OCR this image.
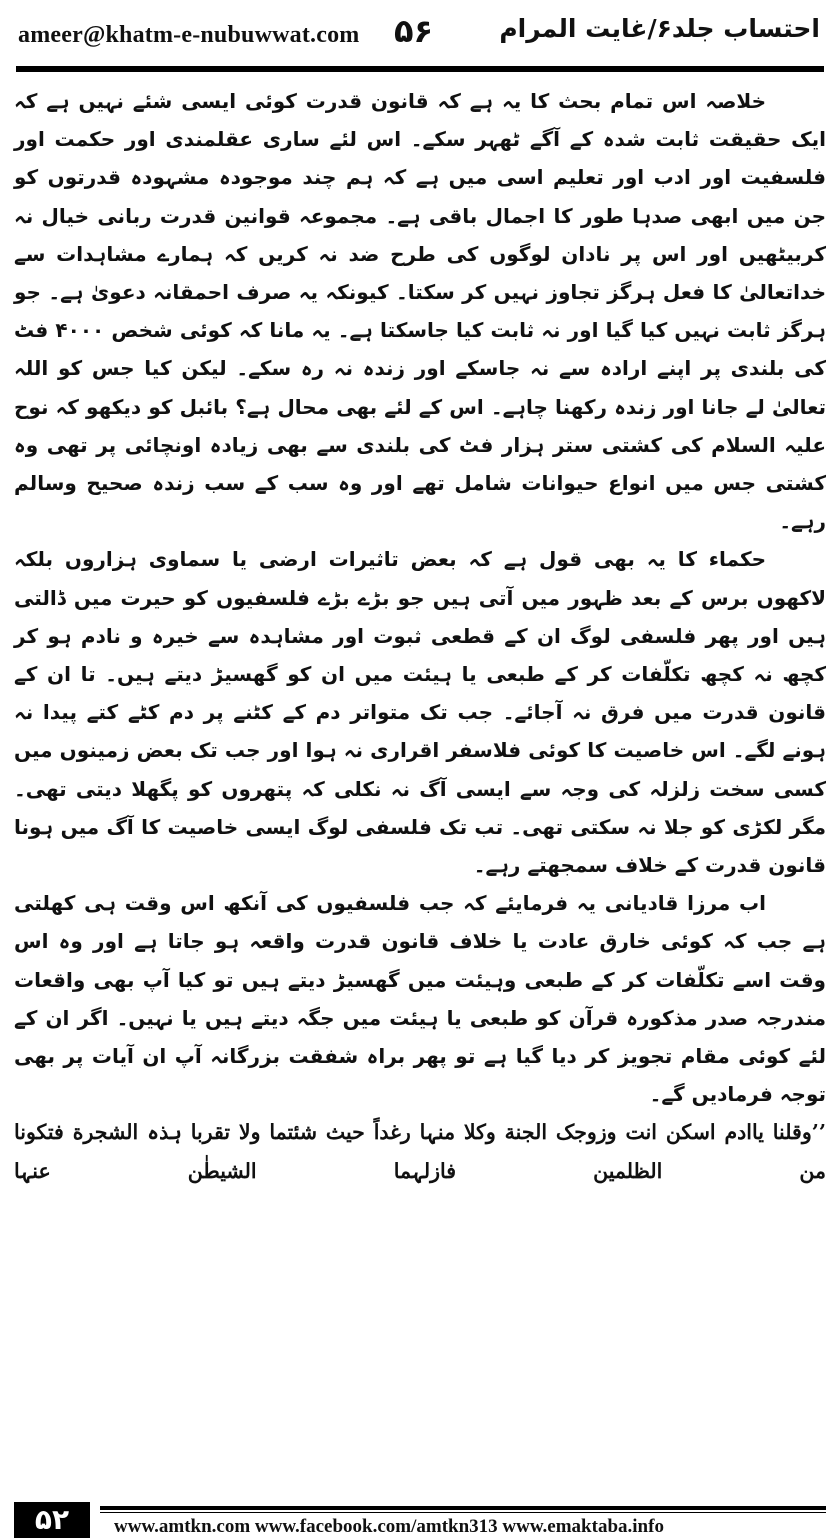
ameer@khatm-e-nubuwwat.com ۵۶	احتساب جلد۶/غایت المرام

خلاصہ اس تمام بحث کا یہ ہے کہ قانون قدرت کوئی ایسی شئے نہیں ہے کہ ایک حقیقت ثابت شدہ کے آگے ٹھہر سکے۔ اس لئے ساری عقلمندی اور حکمت اور فلسفیت اور ادب اور تعلیم اسی میں ہے کہ ہم چند موجودہ مشہودہ قدرتوں کو جن میں ابھی صدہا طور کا اجمال باقی ہے۔ مجموعہ قوانین قدرت ربانی خیال نہ کربیٹھیں اور اس پر نادان لوگوں کی طرح ضد نہ کریں کہ ہمارے مشاہدات سے خداتعالیٰ کا فعل ہرگز تجاوز نہیں کر سکتا۔ کیونکہ یہ صرف احمقانہ دعویٰ ہے۔ جو ہرگز ثابت نہیں کیا گیا اور نہ ثابت کیا جاسکتا ہے۔ یہ مانا کہ کوئی شخص ۴۰۰۰ فٹ کی بلندی پر اپنے ارادہ سے نہ جاسکے اور زندہ نہ رہ سکے۔ لیکن کیا جس کو اللہ تعالیٰ لے جانا اور زندہ رکھنا چاہے۔ اس کے لئے بھی محال ہے؟ بائبل کو دیکھو کہ نوح علیہ السلام کی کشتی ستر ہزار فٹ کی بلندی سے بھی زیادہ اونچائی پر تھی وہ کشتی جس میں انواع حیوانات شامل تھے اور وہ سب کے سب زندہ صحیح وسالم رہے۔

حکماء کا یہ بھی قول ہے کہ بعض تاثیرات ارضی یا سماوی ہزاروں بلکہ لاکھوں برس کے بعد ظہور میں آتی ہیں جو بڑے بڑے فلسفیوں کو حیرت میں ڈالتی ہیں اور پھر فلسفی لوگ ان کے قطعی ثبوت اور مشاہدہ سے خیرہ و نادم ہو کر کچھ نہ کچھ تکلّفات کر کے طبعی یا ہیئت میں ان کو گھسیڑ دیتے ہیں۔ تا ان کے قانون قدرت میں فرق نہ آجائے۔ جب تک متواتر دم کے کٹنے پر دم کٹے کتے پیدا نہ ہونے لگے۔ اس خاصیت کا کوئی فلاسفر اقراری نہ ہوا اور جب تک بعض زمینوں میں کسی سخت زلزلہ کی وجہ سے ایسی آگ نہ نکلی کہ پتھروں کو پگھلا دیتی تھی۔ مگر لکڑی کو جلا نہ سکتی تھی۔ تب تک فلسفی لوگ ایسی خاصیت کا آگ میں ہونا قانون قدرت کے خلاف سمجھتے رہے۔

اب مرزا قادیانی یہ فرمایئے کہ جب فلسفیوں کی آنکھ اس وقت ہی کھلتی ہے جب کہ کوئی خارق عادت یا خلاف قانون قدرت واقعہ ہو جاتا ہے اور وہ اس وقت اسے تکلّفات کر کے طبعی وہیئت میں گھسیڑ دیتے ہیں تو کیا آپ بھی واقعات مندرجہ صدر مذکورہ قرآن کو طبعی یا ہیئت میں جگہ دیتے ہیں یا نہیں۔ اگر ان کے لئے کوئی مقام تجویز کر دیا گیا ہے تو پھر براہ شفقت بزرگانہ آپ ان آیات پر بھی توجہ فرمادیں گے۔

’’وقلنا یاادم اسکن انت وزوجک الجنة وکلا منہا رغداً حیث شئتما ولا تقربا ہذہ الشجرة فتکونا من الظلمین فازلہما الشیطٰن عنہا

۵۲	www.amtkn.com www.facebook.com/amtkn313 www.emaktaba.info
